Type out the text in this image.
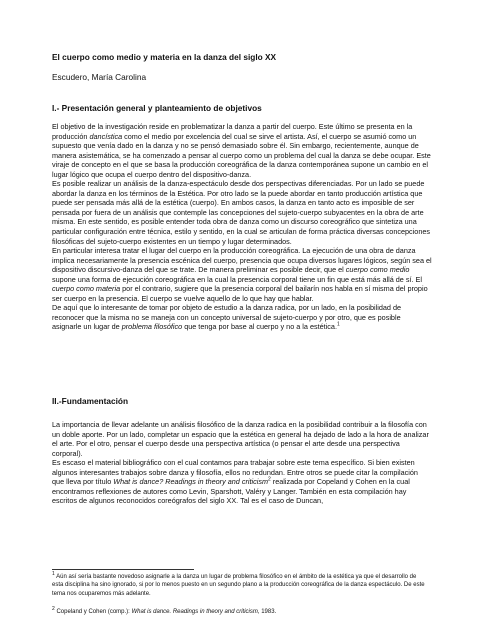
El cuerpo como medio y materia en la danza del siglo XX
Escudero, María Carolina
I.- Presentación general y planteamiento de objetivos

El objetivo de la investigación reside en problematizar la danza a partir del cuerpo. Este último se presenta en la producción dancística como el medio por excelencia del cual se sirve el artista. Así, el cuerpo se asumió como un supuesto que venía dado en la danza y no se pensó demasiado sobre él. Sin embargo, recientemente, aunque de manera asistemática, se ha comenzado a pensar al cuerpo como un problema del cual la danza se debe ocupar. Este viraje de concepto en el que se basa la producción coreográfica de la danza contemporánea supone un cambio en el lugar lógico que ocupa el cuerpo dentro del dispositivo-danza.

Es posible realizar un análisis de la danza-espectáculo desde dos perspectivas diferenciadas. Por un lado se puede abordar la danza en los términos de la Estética. Por otro lado se la puede abordar en tanto producción artística que puede ser pensada más allá de la estética (cuerpo). En ambos casos, la danza en tanto acto es imposible de ser pensada por fuera de un análisis que contemple las concepciones del sujeto-cuerpo subyacentes en la obra de arte misma. En este sentido, es posible entender toda obra de danza como un discurso coreográfico que sintetiza una particular configuración entre técnica, estilo y sentido, en la cual se articulan de forma práctica diversas concepciones filosóficas del sujeto-cuerpo existentes en un tiempo y lugar determinados.

En particular interesa tratar el lugar del cuerpo en la producción coreográfica. La ejecución de una obra de danza implica necesariamente la presencia escénica del cuerpo, presencia que ocupa diversos lugares lógicos, según sea el dispositivo discursivo-danza del que se trate. De manera preliminar es posible decir, que el cuerpo como medio supone una forma de ejecución coreográfica en la cual la presencia corporal tiene un fin que está más allá de sí. El cuerpo como materia por el contrario, sugiere que la presencia corporal del bailarín nos habla en sí misma del propio ser cuerpo en la presencia. El cuerpo se vuelve aquello de lo que hay que hablar.

De aquí que lo interesante de tomar por objeto de estudio a la danza radica, por un lado, en la posibilidad de reconocer que la misma no se maneja con un concepto universal de sujeto-cuerpo y por otro, que es posible asignarle un lugar de problema filosófico que tenga por base al cuerpo y no a la estética.$^1$

II.-Fundamentación

La importancia de llevar adelante un análisis filosófico de la danza radica en la posibilidad contribuir a la filosofía con un doble aporte. Por un lado, completar un espacio que la estética en general ha dejado de lado a la hora de analizar el arte. Por el otro, pensar el cuerpo desde una perspectiva artística (o pensar el arte desde una perspectiva corporal).

Es escaso el material bibliográfico con el cual contamos para trabajar sobre este tema específico. Si bien existen algunos interesantes trabajos sobre danza y filosofía, ellos no redundan. Entre otros se puede citar la compilación que lleva por título What is dance? Readings in theory and criticism$^2$ realizada por Copeland y Cohen en la cual encontramos reflexiones de autores como Levin, Sparshott, Valéry y Langer. También en esta compilación hay escritos de algunos reconocidos coreógrafos del siglo XX. Tal es el caso de Duncan,

$^1$ Aún así sería bastante novedoso asignarle a la danza un lugar de problema filosófico en el ámbito de la estética ya que el desarrollo de esta disciplina ha sino ignorado, si por lo menos puesto en un segundo plano a la producción coreográfica de la danza espectáculo. De este tema nos ocuparemos más adelante.
$^2$ Copeland y Cohen (comp.): What is dance. Readings in theory and criticism, 1983.
